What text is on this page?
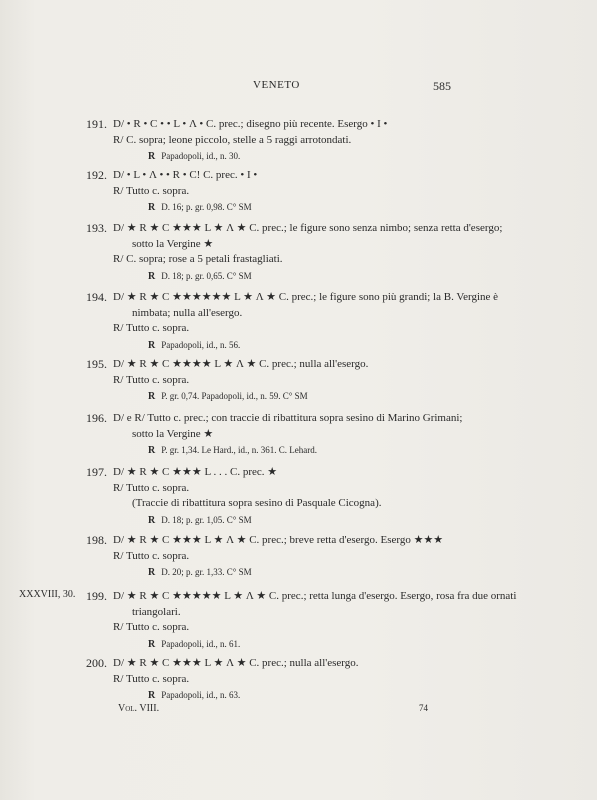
VENETO	585
191. D/ • R • C • • L • Λ • C. prec.; disegno più recente. Esergo • I •
R/ C. sopra; leone piccolo, stelle a 5 raggi arrotondati.
R Papadopoli, id., n. 30.
192. D/ • L • Λ • • R • C! C. prec. • I •
R/ Tutto c. sopra.
R D. 16; p. gr. 0,98. C° SM
193. D/ ★ R ★ C ★★★ L ★ Λ ★ C. prec.; le figure sono senza nimbo; senza retta d'esergo;
sotto la Vergine ★
R/ C. sopra; rose a 5 petali frastagliati.
R D. 18; p. gr. 0,65. C° SM
194. D/ ★ R ★ C ★★★★★★ L ★ Λ ★ C. prec.; le figure sono più grandi; la B. Vergine è
nimbata; nulla all'esergo.
R/ Tutto c. sopra.
R Papadopoli, id., n. 56.
195. D/ ★ R ★ C ★★★★ L ★ Λ ★ C. prec.; nulla all'esergo.
R/ Tutto c. sopra.
R P. gr. 0,74. Papadopoli, id., n. 59. C° SM
196. D/ e R/ Tutto c. prec.; con traccie di ribattitura sopra sesino di Marino Grimani;
sotto la Vergine ★
R P. gr. 1,34. Le Hard., id., n. 361. C. Lehard.
197. D/ ★ R ★ C ★★★ L . . . C. prec. ★
R/ Tutto c. sopra.
(Traccie di ribattitura sopra sesino di Pasquale Cicogna).
R D. 18; p. gr. 1,05. C° SM
198. D/ ★ R ★ C ★★★ L ★ Λ ★ C. prec.; breve retta d'esergo. Esergo ★★★
R/ Tutto c. sopra.
R D. 20; p. gr. 1,33. C° SM
XXXVIII, 30. 199. D/ ★ R ★ C ★★★★★ L ★ Λ ★ C. prec.; retta lunga d'esergo. Esergo, rosa fra due ornati
triangolari.
R/ Tutto c. sopra.
R Papadopoli, id., n. 61.
200. D/ ★ R ★ C ★★★ L ★ Λ ★ C. prec.; nulla all'esergo.
R/ Tutto c. sopra.
R Papadopoli, id., n. 63.
Vol. VIII.	74
